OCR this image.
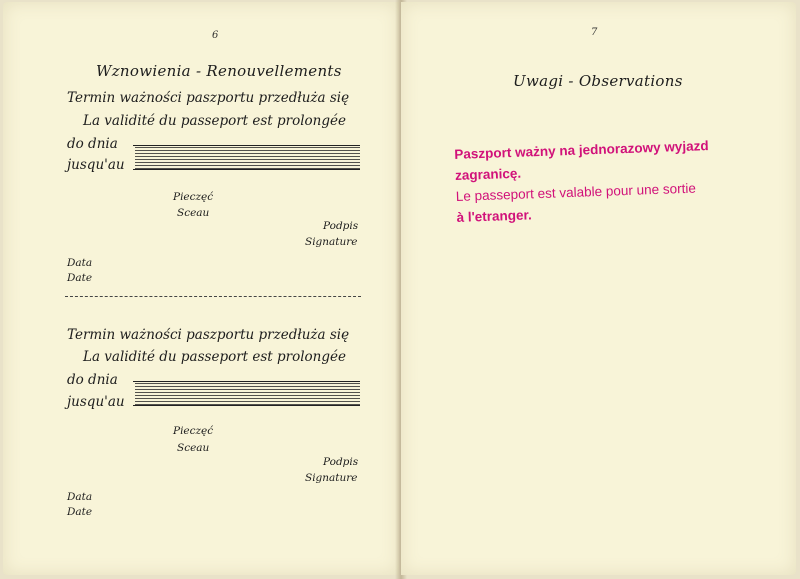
6
Wznowienia - Renouvellements
Termin ważności paszportu przedłuża się
La validité du passeport est prolongée
do dnia
jusqu'au
Pieczęć
Sceau
Podpis
Signature
Data
Date
Termin ważności paszportu przedłuża się
La validité du passeport est prolongée
do dnia
jusqu'au
Pieczęć
Sceau
Podpis
Signature
Data
Date
7
Uwagi - Observations
Paszport ważny na jednorazowy wyjazd
zagranicę.
Le passeport est valable pour une sortie
à l'etranger.
